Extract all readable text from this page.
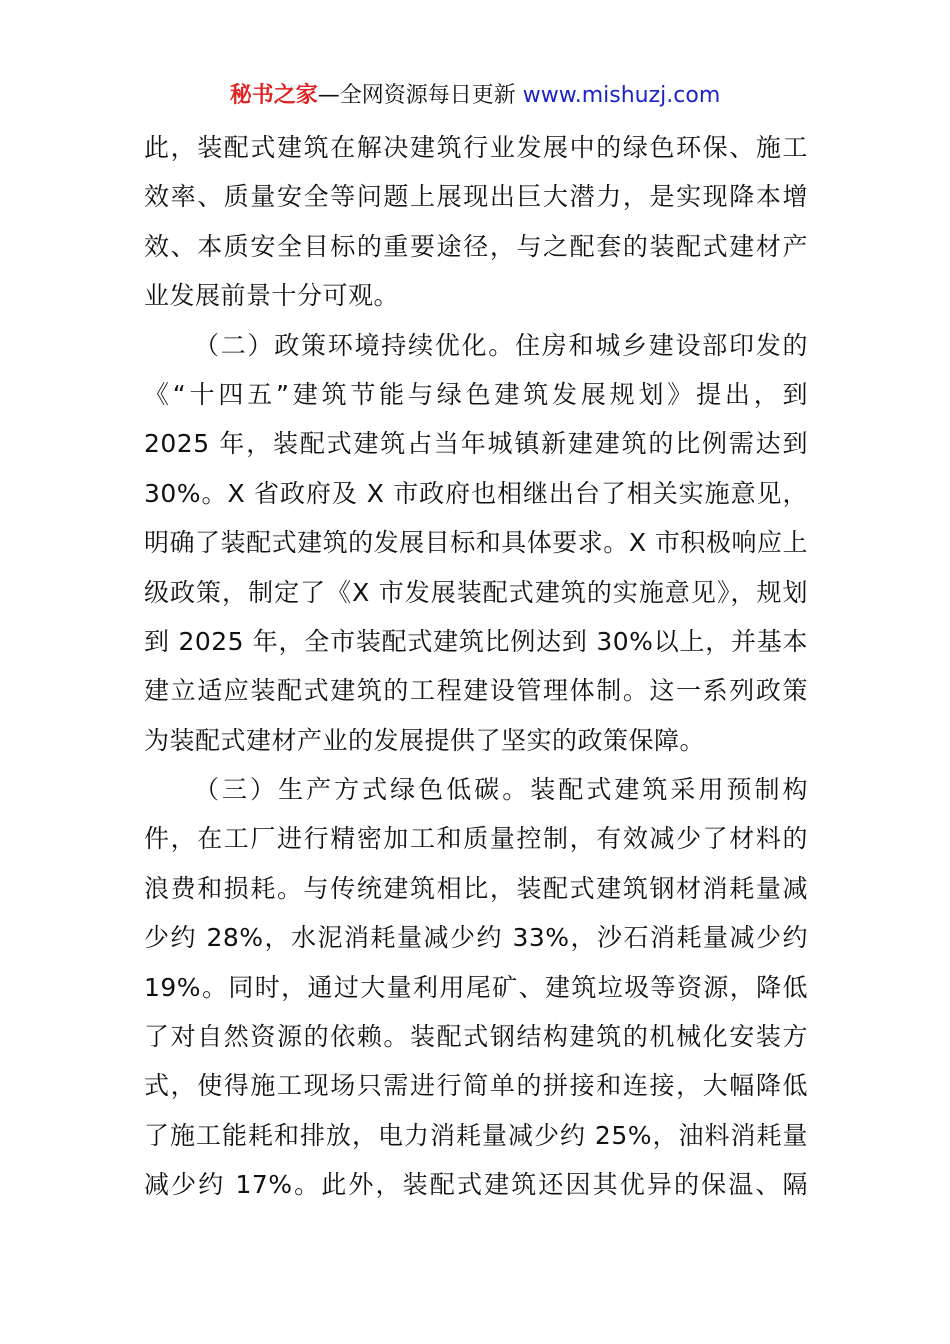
秘书之家—全网资源每日更新 www.mishuzj.com
此，装配式建筑在解决建筑行业发展中的绿色环保、施工
效率、质量安全等问题上展现出巨大潜力，是实现降本增
效、本质安全目标的重要途径，与之配套的装配式建材产
业发展前景十分可观。
（二）政策环境持续优化。住房和城乡建设部印发的
《“十四五”建筑节能与绿色建筑发展规划》提出，到
2025 年，装配式建筑占当年城镇新建建筑的比例需达到
30%。X 省政府及 X 市政府也相继出台了相关实施意见，
明确了装配式建筑的发展目标和具体要求。X 市积极响应上
级政策，制定了《X 市发展装配式建筑的实施意见》，规划
到 2025 年，全市装配式建筑比例达到 30%以上，并基本
建立适应装配式建筑的工程建设管理体制。这一系列政策
为装配式建材产业的发展提供了坚实的政策保障。
（三）生产方式绿色低碳。装配式建筑采用预制构
件，在工厂进行精密加工和质量控制，有效减少了材料的
浪费和损耗。与传统建筑相比，装配式建筑钢材消耗量减
少约 28%，水泥消耗量减少约 33%，沙石消耗量减少约
19%。同时，通过大量利用尾矿、建筑垃圾等资源，降低
了对自然资源的依赖。装配式钢结构建筑的机械化安装方
式，使得施工现场只需进行简单的拼接和连接，大幅降低
了施工能耗和排放，电力消耗量减少约 25%，油料消耗量
减少约 17%。此外，装配式建筑还因其优异的保温、隔
